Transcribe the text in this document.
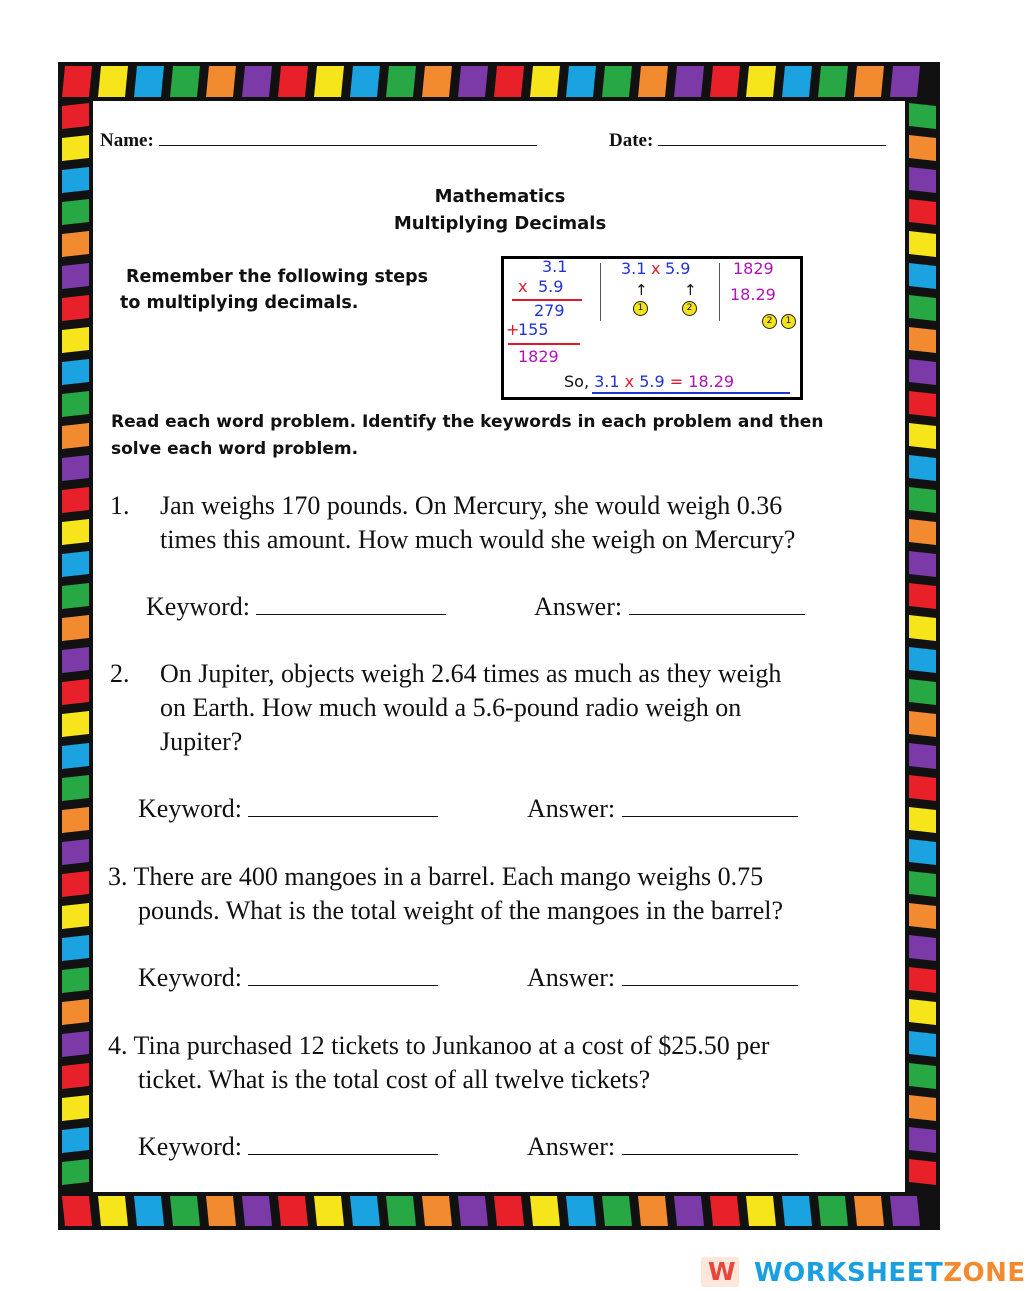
Name:	Date:
Mathematics
Multiplying Decimals
Remember the following steps
to multiplying decimals.
3.1
x 5.9
279
+
155
1829
3.1 x 5.9
↑ ↑
1	2
1829
18.29
2	1
So, 3.1 x 5.9 = 18.29
Read each word problem. Identify the keywords in each problem and then
solve each word problem.
1. Jan weighs 170 pounds. On Mercury, she would weigh 0.36
times this amount. How much would she weigh on Mercury?
Keyword:	Answer:
2. On Jupiter, objects weigh 2.64 times as much as they weigh
on Earth. How much would a 5.6-pound radio weigh on
Jupiter?
Keyword:	Answer:
3. There are 400 mangoes in a barrel. Each mango weighs 0.75
pounds. What is the total weight of the mangoes in the barrel?
Keyword:	Answer:
4. Tina purchased 12 tickets to Junkanoo at a cost of $25.50 per
ticket. What is the total cost of all twelve tickets?
Keyword:	Answer:
W WORKSHEETZONE
